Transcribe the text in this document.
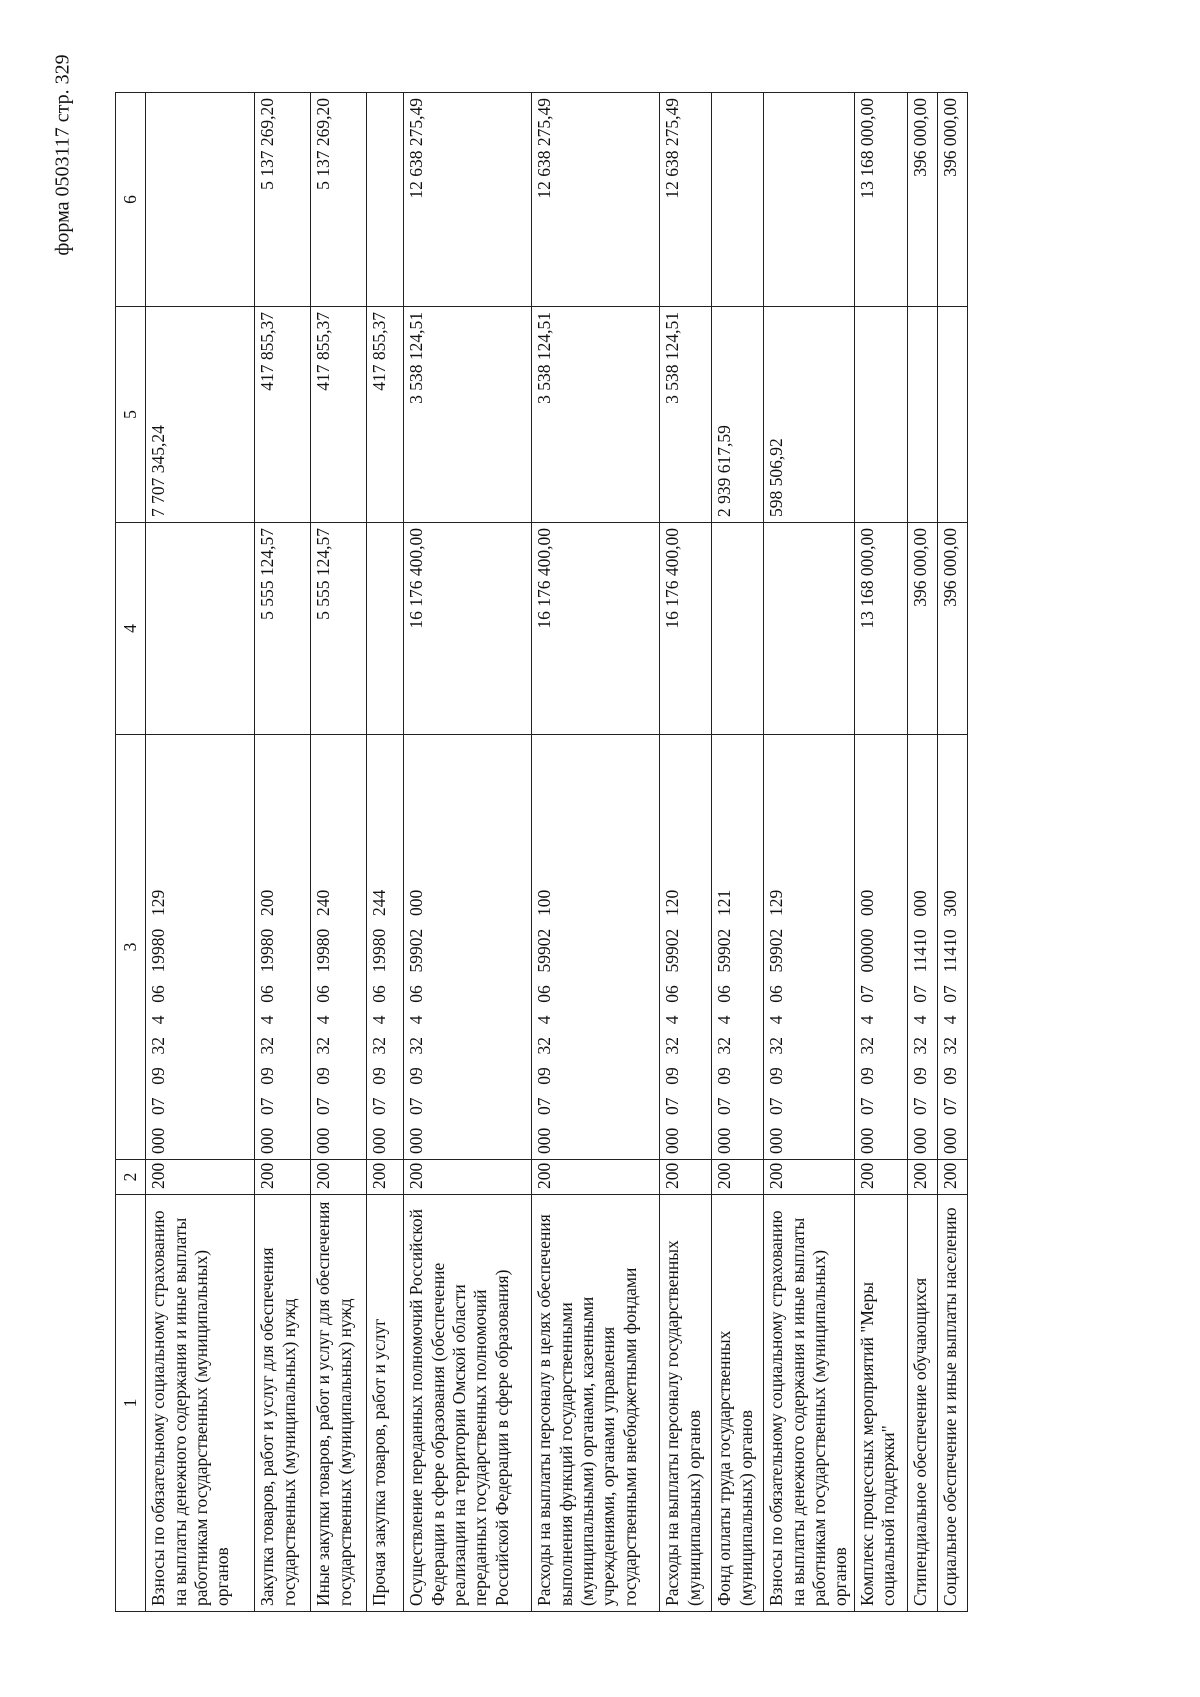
форма 0503117 стр. 329
1	2	3	4	5	6
Взносы по обязательному социальному страхованию на выплаты денежного содержания и иные выплаты работникам государственных (муниципальных) органов	200	000  07  09  32  4  06  19980  129		7 707 345,24	
Закупка товаров, работ и услуг для обеспечения государственных (муниципальных) нужд	200	000  07  09  32  4  06  19980  200	5 555 124,57	417 855,37	5 137 269,20
Иные закупки товаров, работ и услуг для обеспечения государственных (муниципальных) нужд	200	000  07  09  32  4  06  19980  240	5 555 124,57	417 855,37	5 137 269,20
Прочая закупка товаров, работ и услуг	200	000  07  09  32  4  06  19980  244		417 855,37	
Осуществление переданных полномочий Российской Федерации в сфере образования (обеспечение реализации на территории Омской области переданных государственных полномочий Российской Федерации в сфере образования)	200	000  07  09  32  4  06  59902  000	16 176 400,00	3 538 124,51	12 638 275,49
Расходы на выплаты персоналу в целях обеспечения выполнения функций государственными (муниципальными) органами, казенными учреждениями, органами управления государственными внебюджетными фондами	200	000  07  09  32  4  06  59902  100	16 176 400,00	3 538 124,51	12 638 275,49
Расходы на выплаты персоналу государственных (муниципальных) органов	200	000  07  09  32  4  06  59902  120	16 176 400,00	3 538 124,51	12 638 275,49
Фонд оплаты труда государственных (муниципальных) органов	200	000  07  09  32  4  06  59902  121		2 939 617,59	
Взносы по обязательному социальному страхованию на выплаты денежного содержания и иные выплаты работникам государственных (муниципальных) органов	200	000  07  09  32  4  06  59902  129		598 506,92	
Комплекс процессных мероприятий "Меры социальной поддержки"	200	000  07  09  32  4  07  00000  000	13 168 000,00		13 168 000,00
Стипендиальное обеспечение обучающихся	200	000  07  09  32  4  07  11410  000	396 000,00		396 000,00
Социальное обеспечение и иные выплаты населению	200	000  07  09  32  4  07  11410  300	396 000,00		396 000,00
